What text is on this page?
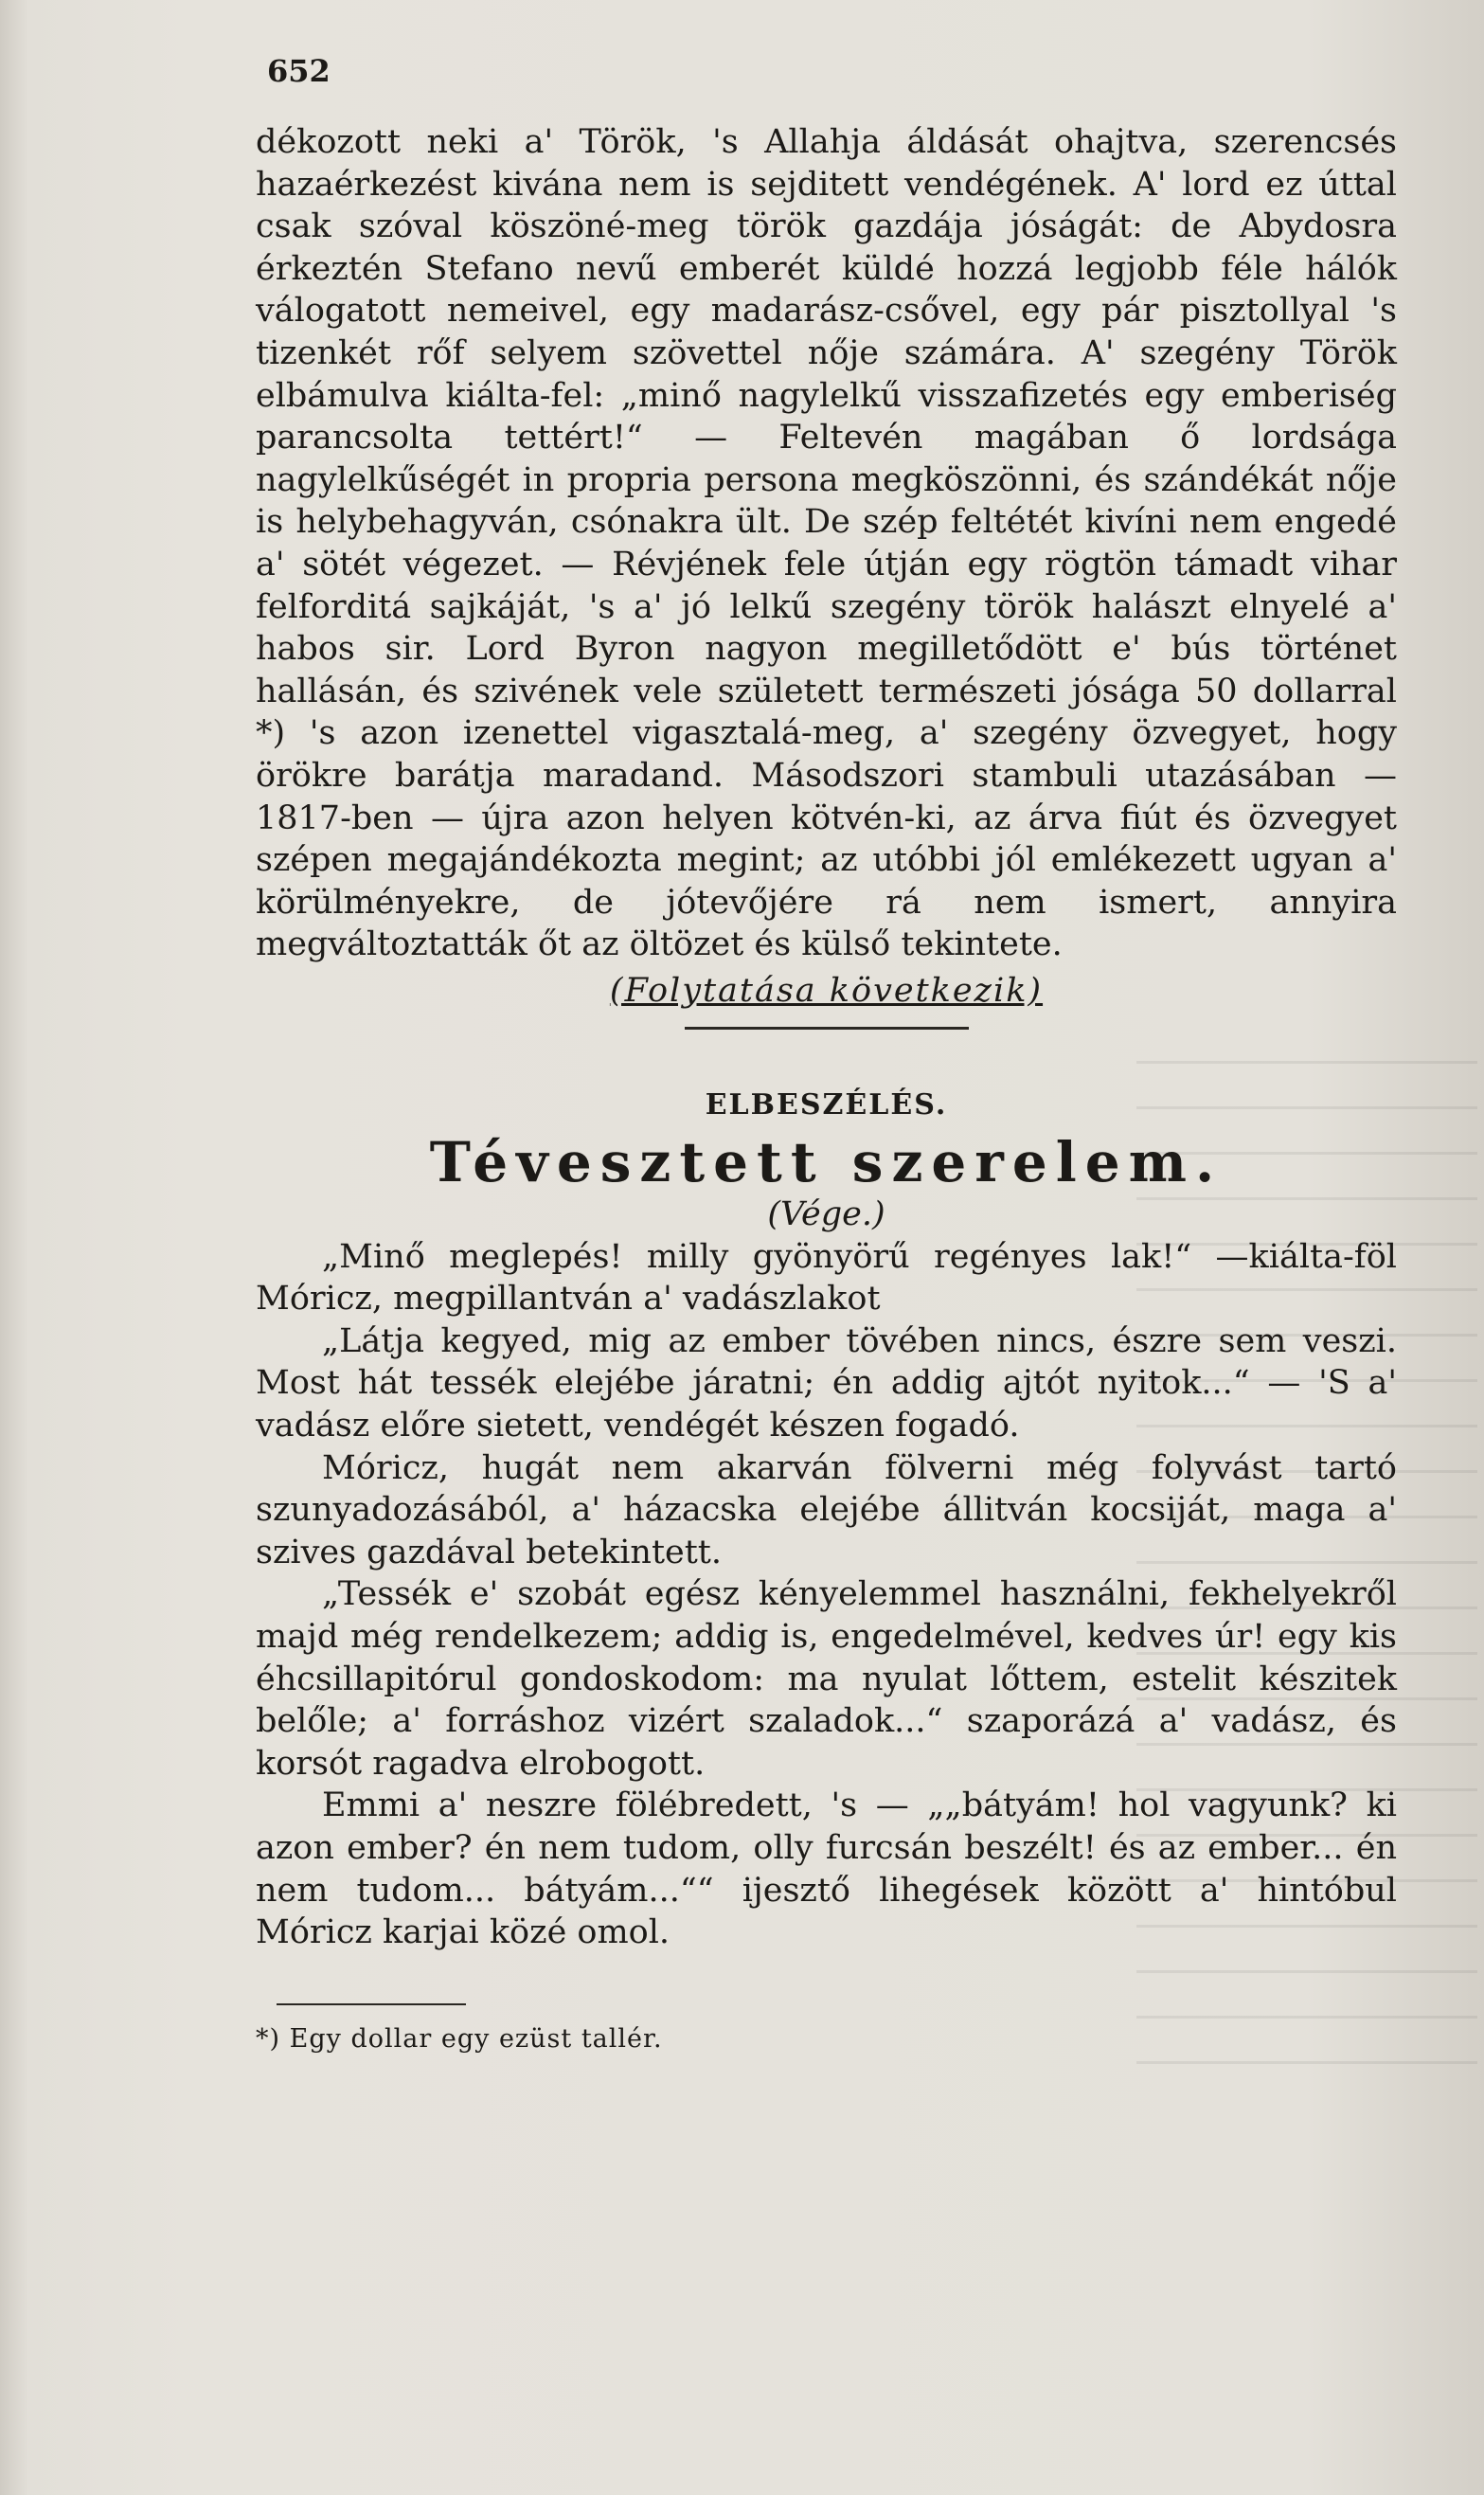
652

dékozott neki a' Török, 's Allahja áldását ohajtva, szerencsés hazaérkezést kivána nem is sejditett vendégének. A' lord ez úttal csak szóval köszöné-meg török gazdája jóságát: de Abydosra érkeztén Stefano nevű emberét küldé hozzá legjobb féle hálók válogatott nemeivel, egy madarász-csővel, egy pár pisztollyal 's tizenkét rőf selyem szövettel nője számára. A' szegény Török elbámulva kiálta-fel: „minő nagylelkű visszafizetés egy emberiség parancsolta tettért!“ — Feltevén magában ő lordsága nagylelkűségét in propria persona megköszönni, és szándékát nője is helybehagyván, csónakra ült. De szép feltétét kivíni nem engedé a' sötét végezet. — Révjének fele útján egy rögtön támadt vihar felforditá sajkáját, 's a' jó lelkű szegény török halászt elnyelé a' habos sir. Lord Byron nagyon megilletődött e' bús történet hallásán, és szivének vele született természeti jósága 50 dollarral *) 's azon izenettel vigasztalá-meg, a' szegény özvegyet, hogy örökre barátja maradand. Másodszori stambuli utazásában — 1817-ben — újra azon helyen kötvén-ki, az árva fiút és özvegyet szépen megajándékozta megint; az utóbbi jól emlékezett ugyan a' körülményekre, de jótevőjére rá nem ismert, annyira megváltoztatták őt az öltözet és külső tekintete.

(Folytatása következik)

ELBESZÉLÉS.

Tévesztett szerelem.

(Vége.)

„Minő meglepés! milly gyönyörű regényes lak!“ —kiálta-föl Móricz, megpillantván a' vadászlakot

„Látja kegyed, mig az ember tövében nincs, észre sem veszi. Most hát tessék elejébe járatni; én addig ajtót nyitok...“ — 'S a' vadász előre sietett, vendégét készen fogadó.

Móricz, hugát nem akarván fölverni még folyvást tartó szunyadozásából, a' házacska elejébe állitván kocsiját, maga a' szives gazdával betekintett.

„Tessék e' szobát egész kényelemmel használni, fekhelyekről majd még rendelkezem; addig is, engedelmével, kedves úr! egy kis éhcsillapitórul gondoskodom: ma nyulat lőttem, estelit készitek belőle; a' forráshoz vizért szaladok...“ szaporázá a' vadász, és korsót ragadva elrobogott.

Emmi a' neszre fölébredett, 's — „„bátyám! hol vagyunk? ki azon ember? én nem tudom, olly furcsán beszélt! és az ember... én nem tudom... bátyám...““ ijesztő lihegések között a' hintóbul Móricz karjai közé omol.

*) Egy dollar egy ezüst tallér.
